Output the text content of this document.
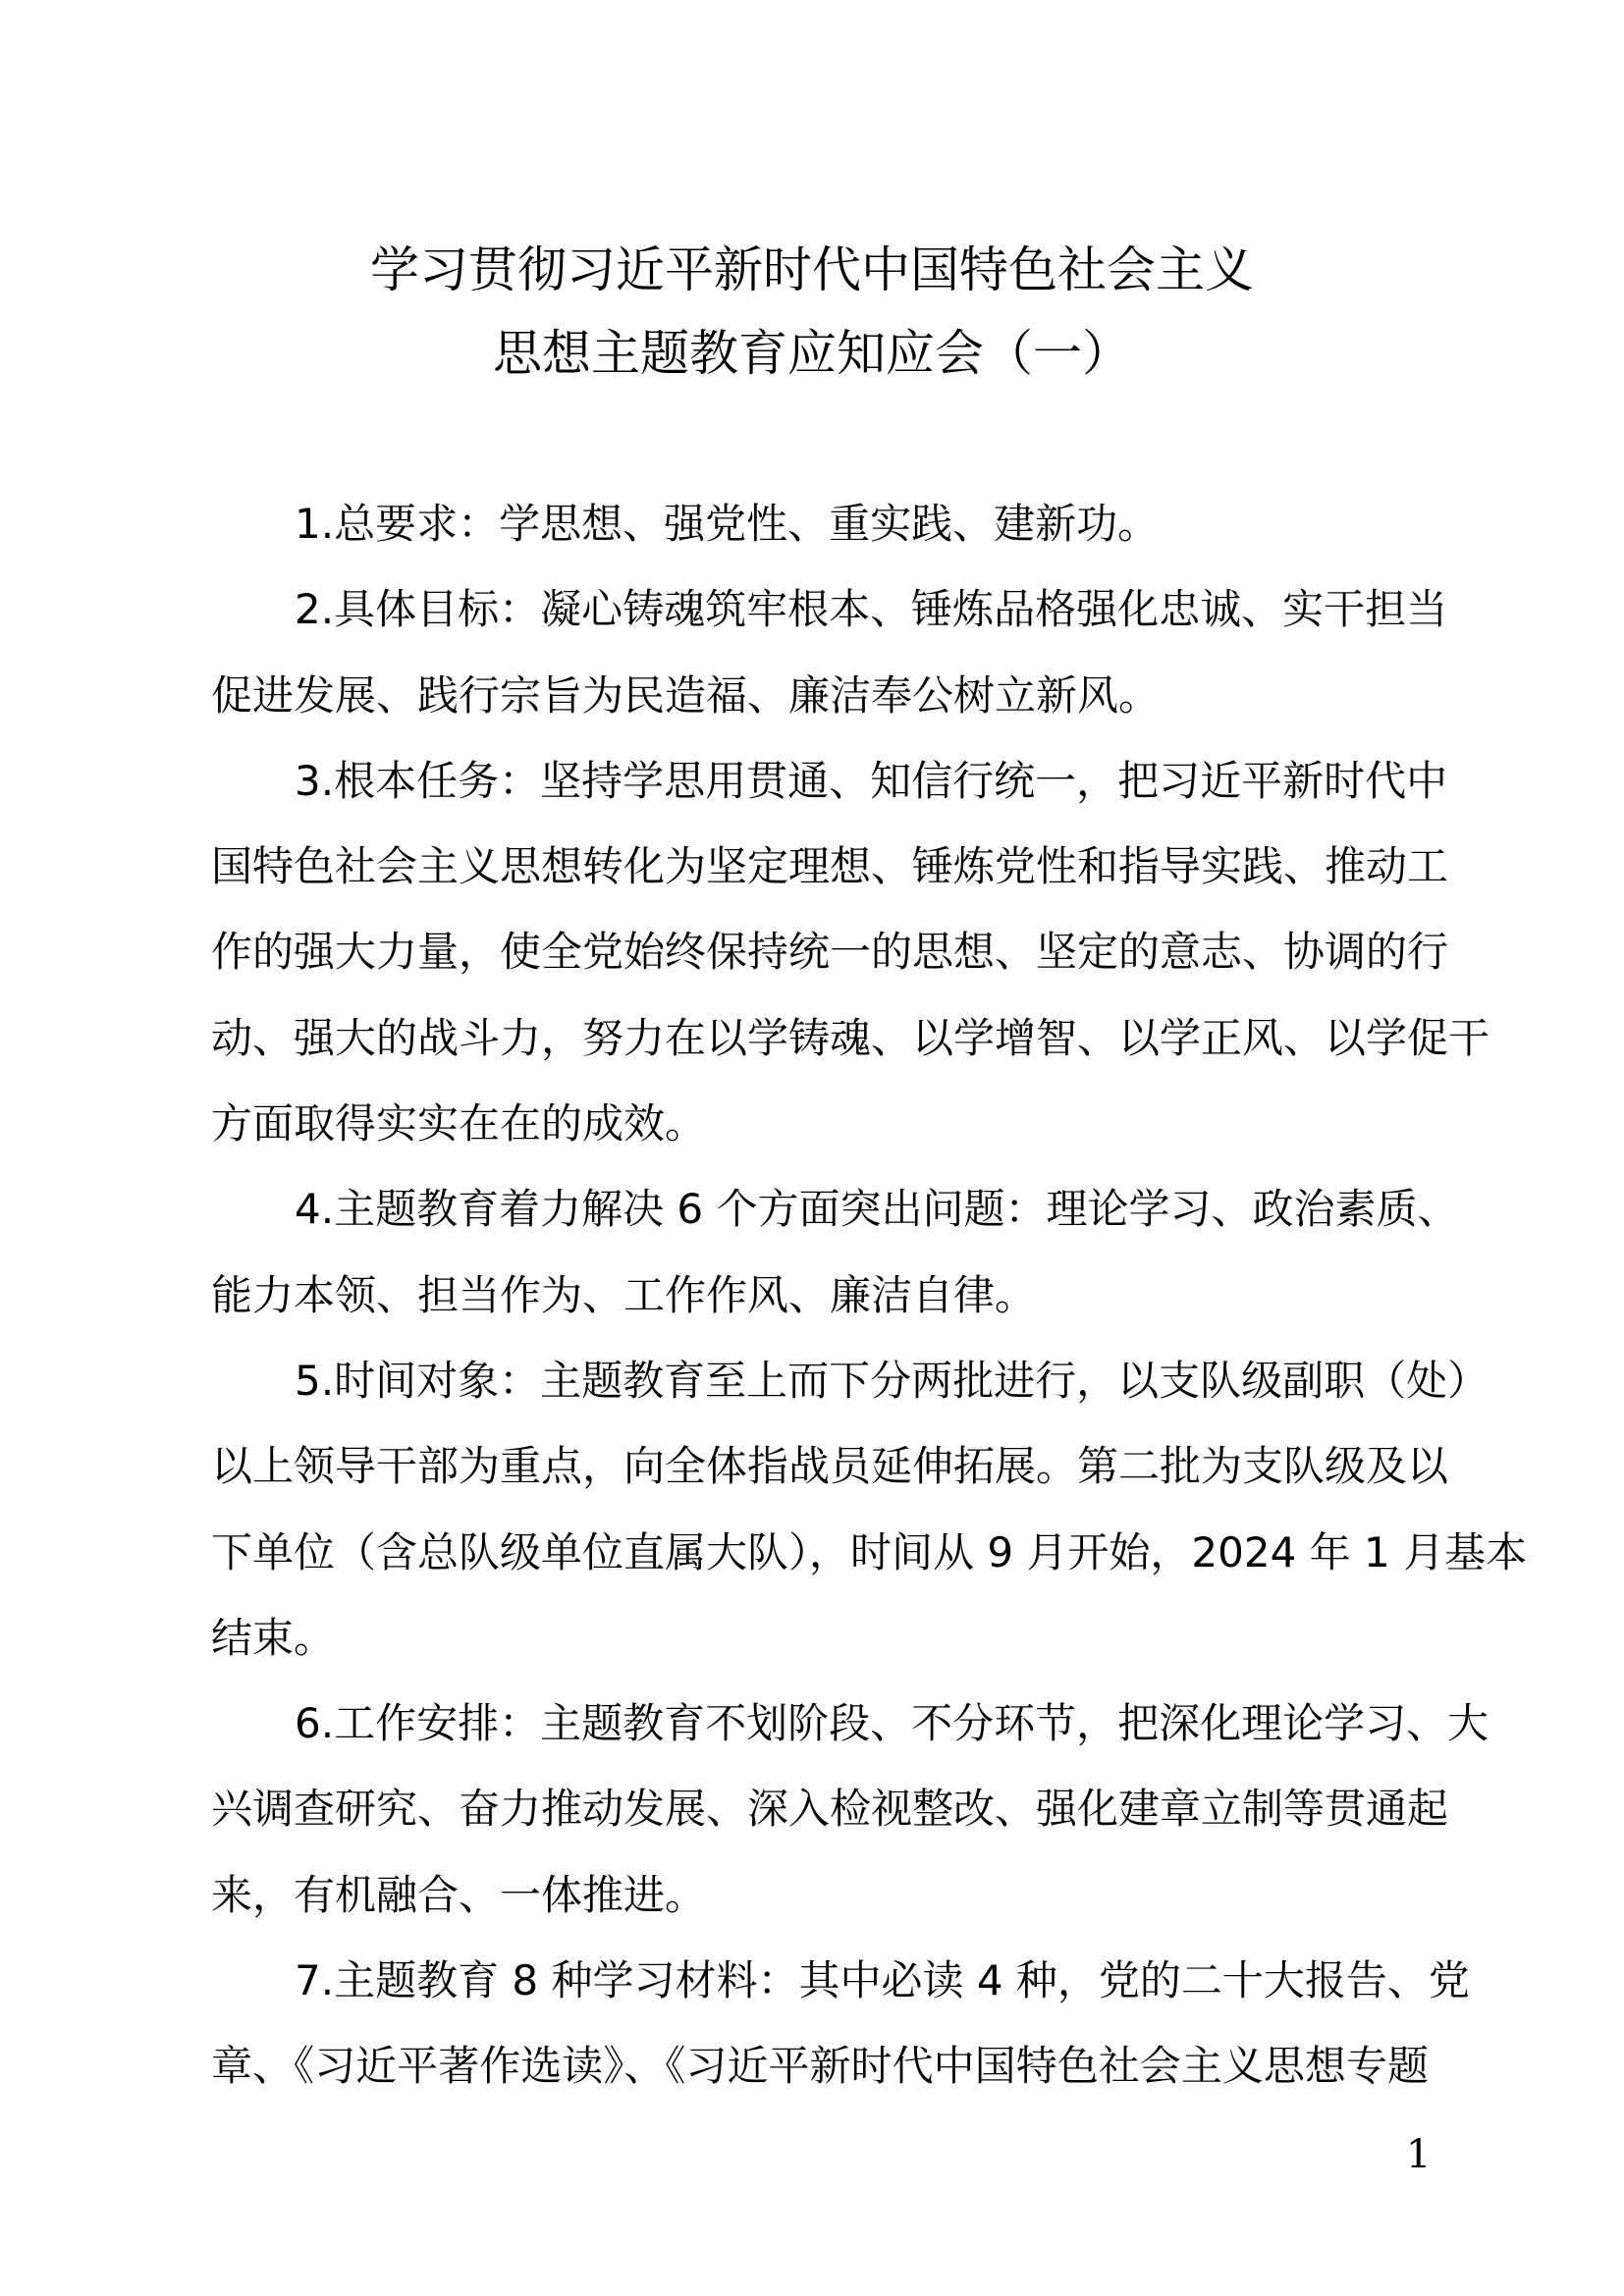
学习贯彻习近平新时代中国特色社会主义
思想主题教育应知应会（一）
1.总要求：学思想、强党性、重实践、建新功。
2.具体目标：凝心铸魂筑牢根本、锤炼品格强化忠诚、实干担当
促进发展、践行宗旨为民造福、廉洁奉公树立新风。
3.根本任务：坚持学思用贯通、知信行统一，把习近平新时代中
国特色社会主义思想转化为坚定理想、锤炼党性和指导实践、推动工
作的强大力量，使全党始终保持统一的思想、坚定的意志、协调的行
动、强大的战斗力，努力在以学铸魂、以学增智、以学正风、以学促干
方面取得实实在在的成效。
4.主题教育着力解决 6 个方面突出问题：理论学习、政治素质、
能力本领、担当作为、工作作风、廉洁自律。
5.时间对象：主题教育至上而下分两批进行，以支队级副职（处）
以上领导干部为重点，向全体指战员延伸拓展。第二批为支队级及以
下单位（含总队级单位直属大队），时间从 9 月开始，2024 年 1 月基本
结束。
6.工作安排：主题教育不划阶段、不分环节，把深化理论学习、大
兴调查研究、奋力推动发展、深入检视整改、强化建章立制等贯通起
来，有机融合、一体推进。
7.主题教育 8 种学习材料：其中必读 4 种，党的二十大报告、党
章、《习近平著作选读》、《习近平新时代中国特色社会主义思想专题
1
